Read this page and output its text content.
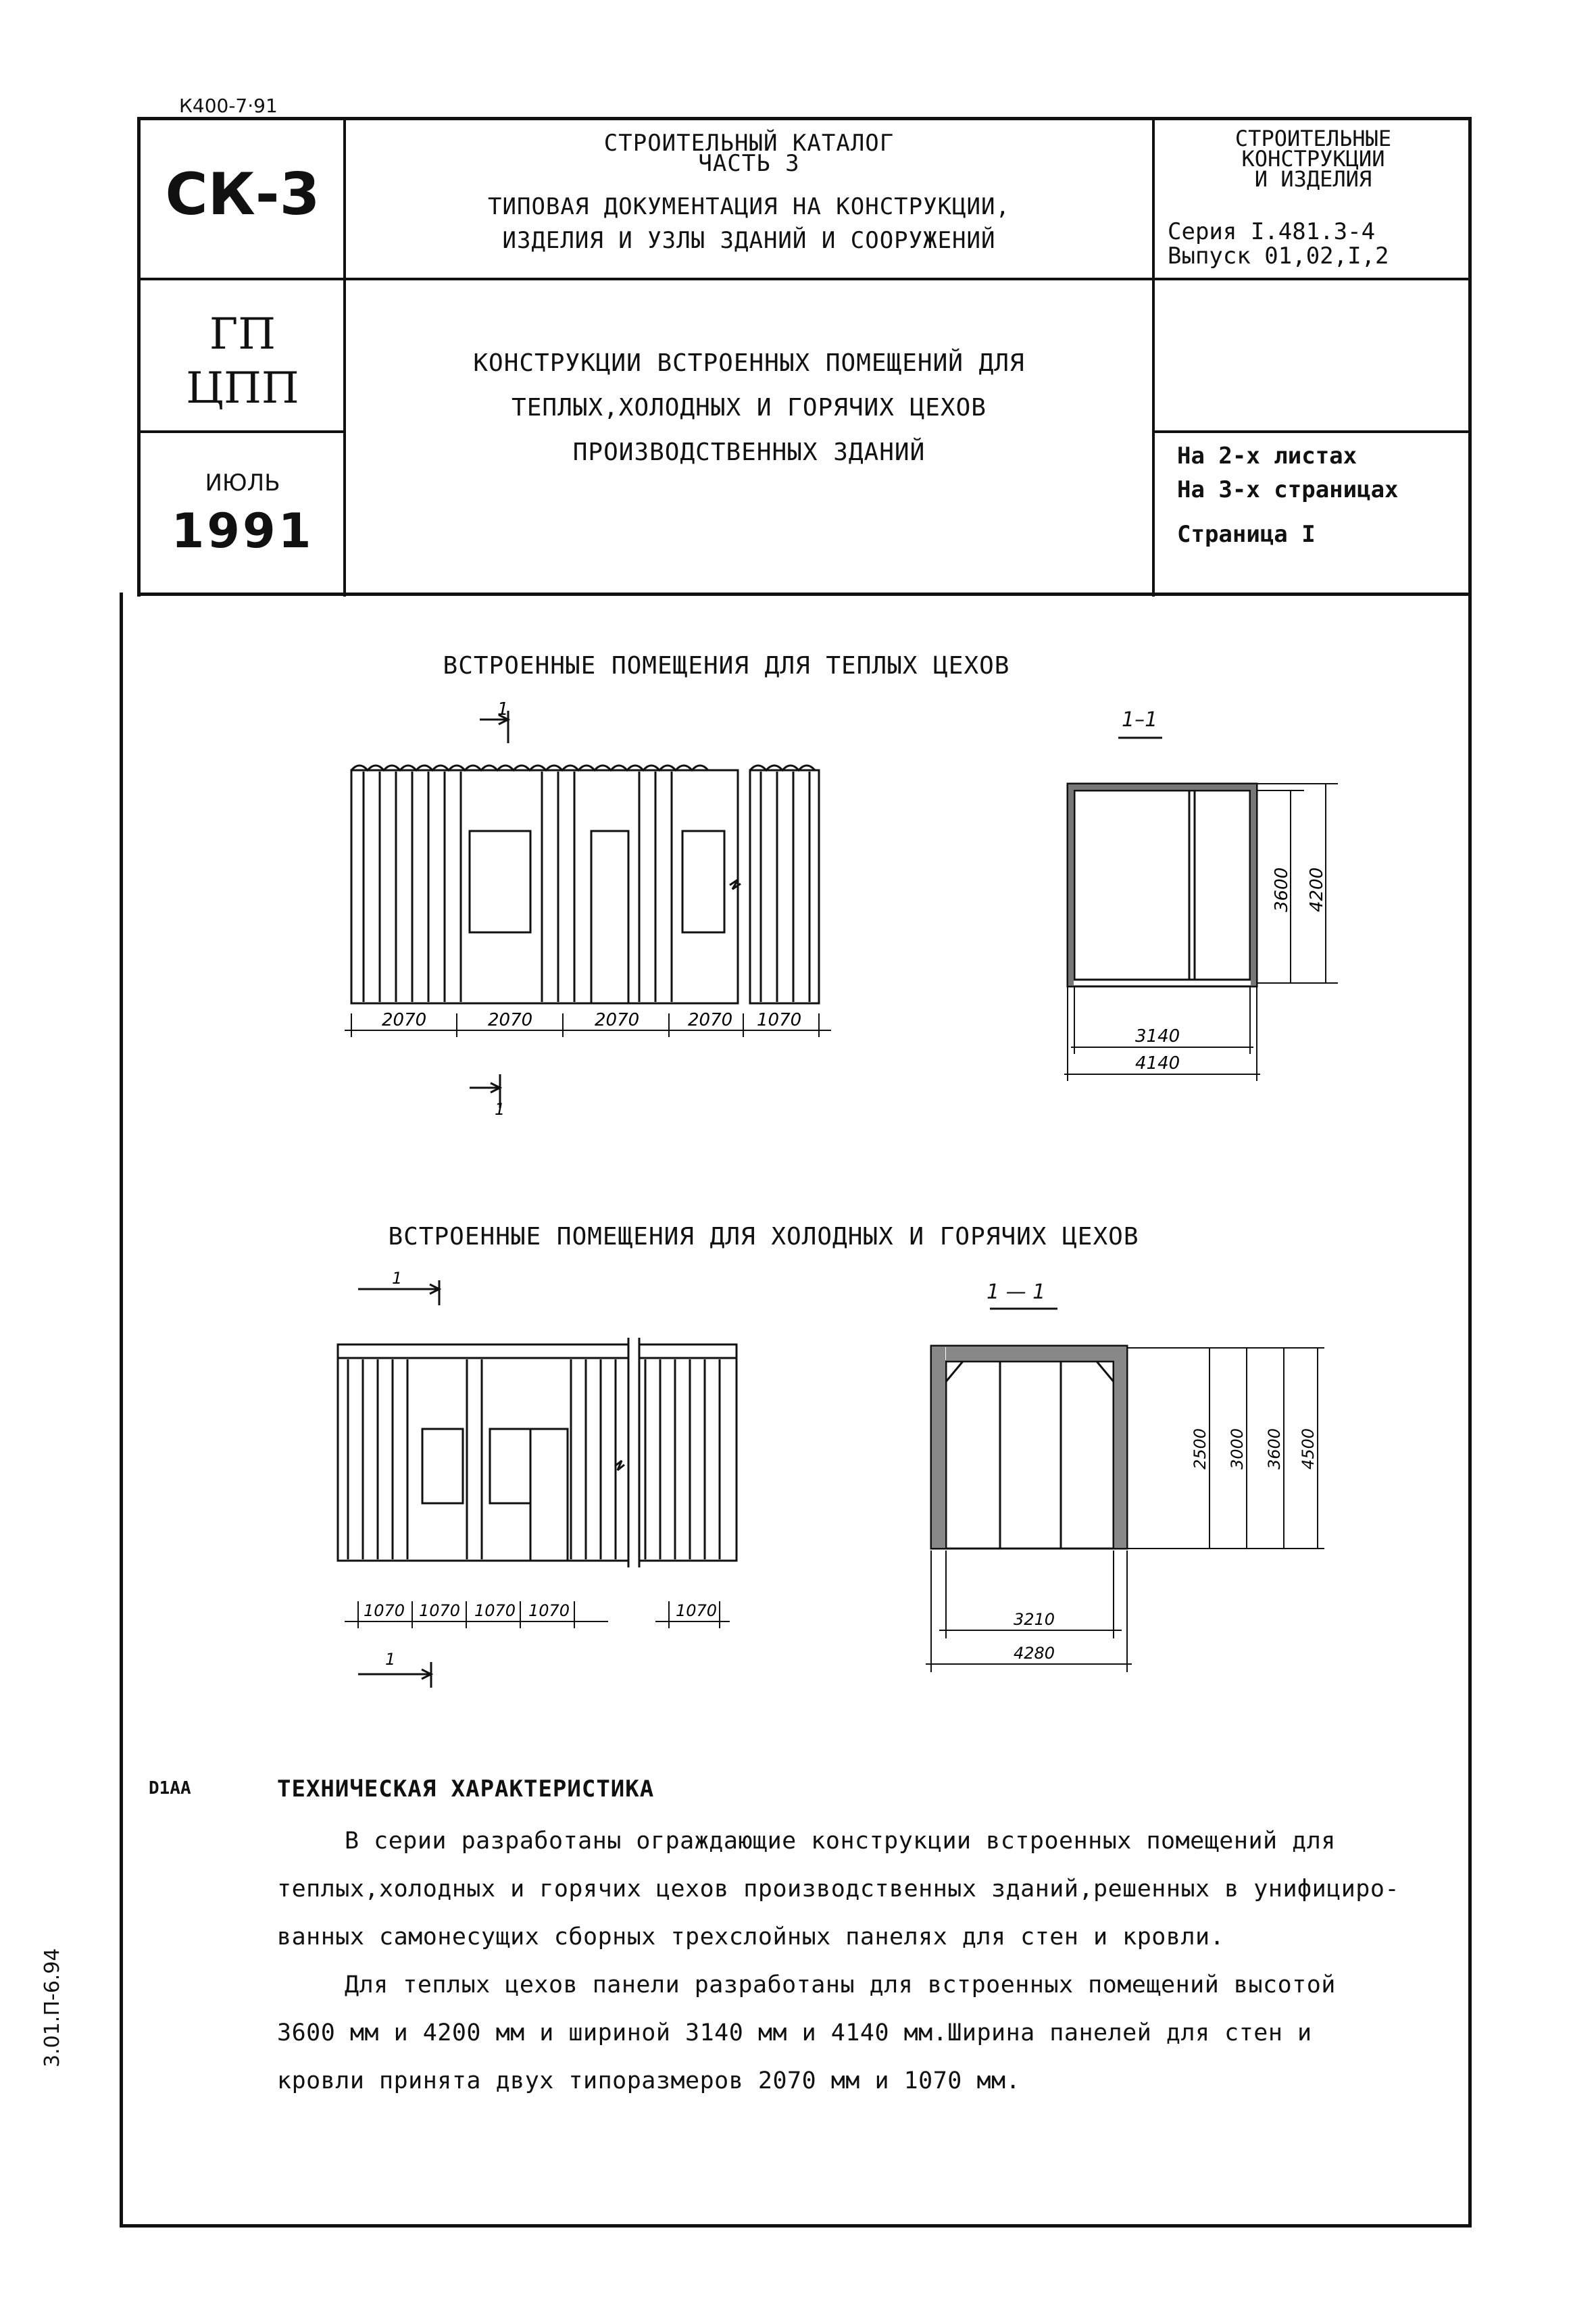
К400-7·91
3.01.П-6.94
СК-3
ГП
ЦПП
ИЮЛЬ
1991
СТРОИТЕЛЬНЫЙ КАТАЛОГ
ЧАСТЬ 3
ТИПОВАЯ ДОКУМЕНТАЦИЯ НА КОНСТРУКЦИИ,
ИЗДЕЛИЯ И УЗЛЫ ЗДАНИЙ И СООРУЖЕНИЙ
КОНСТРУКЦИИ ВСТРОЕННЫХ ПОМЕЩЕНИЙ ДЛЯ
ТЕПЛЫХ,ХОЛОДНЫХ И ГОРЯЧИХ ЦЕХОВ
ПРОИЗВОДСТВЕННЫХ ЗДАНИЙ
СТРОИТЕЛЬНЫЕ
КОНСТРУКЦИИ
И ИЗДЕЛИЯ
Серия I.481.3-4
Выпуск 01,02,I,2
На 2-х листах
На 3-х страницах
Страница I
ВСТРОЕННЫЕ ПОМЕЩЕНИЯ ДЛЯ ТЕПЛЫХ ЦЕХОВ
1
2070	2070	2070	2070 1070
1
1–1
3600 4200
3140
4140
ВСТРОЕННЫЕ ПОМЕЩЕНИЯ ДЛЯ ХОЛОДНЫХ И ГОРЯЧИХ ЦЕХОВ
1
1070 1070 1070 1070	1070
1
1 — 1
2500 3000 3600 4500
3210
4280
D1AA	ТЕХНИЧЕСКАЯ ХАРАКТЕРИСТИКА
В серии разработаны ограждающие конструкции встроенных помещений для
теплых,холодных и горячих цехов производственных зданий,решенных в унифициро-
ванных самонесущих сборных трехслойных панелях для стен и кровли.
Для теплых цехов панели разработаны для встроенных помещений высотой
3600 мм и 4200 мм и шириной 3140 мм и 4140 мм.Ширина панелей для стен и
кровли принята двух типоразмеров 2070 мм и 1070 мм.
